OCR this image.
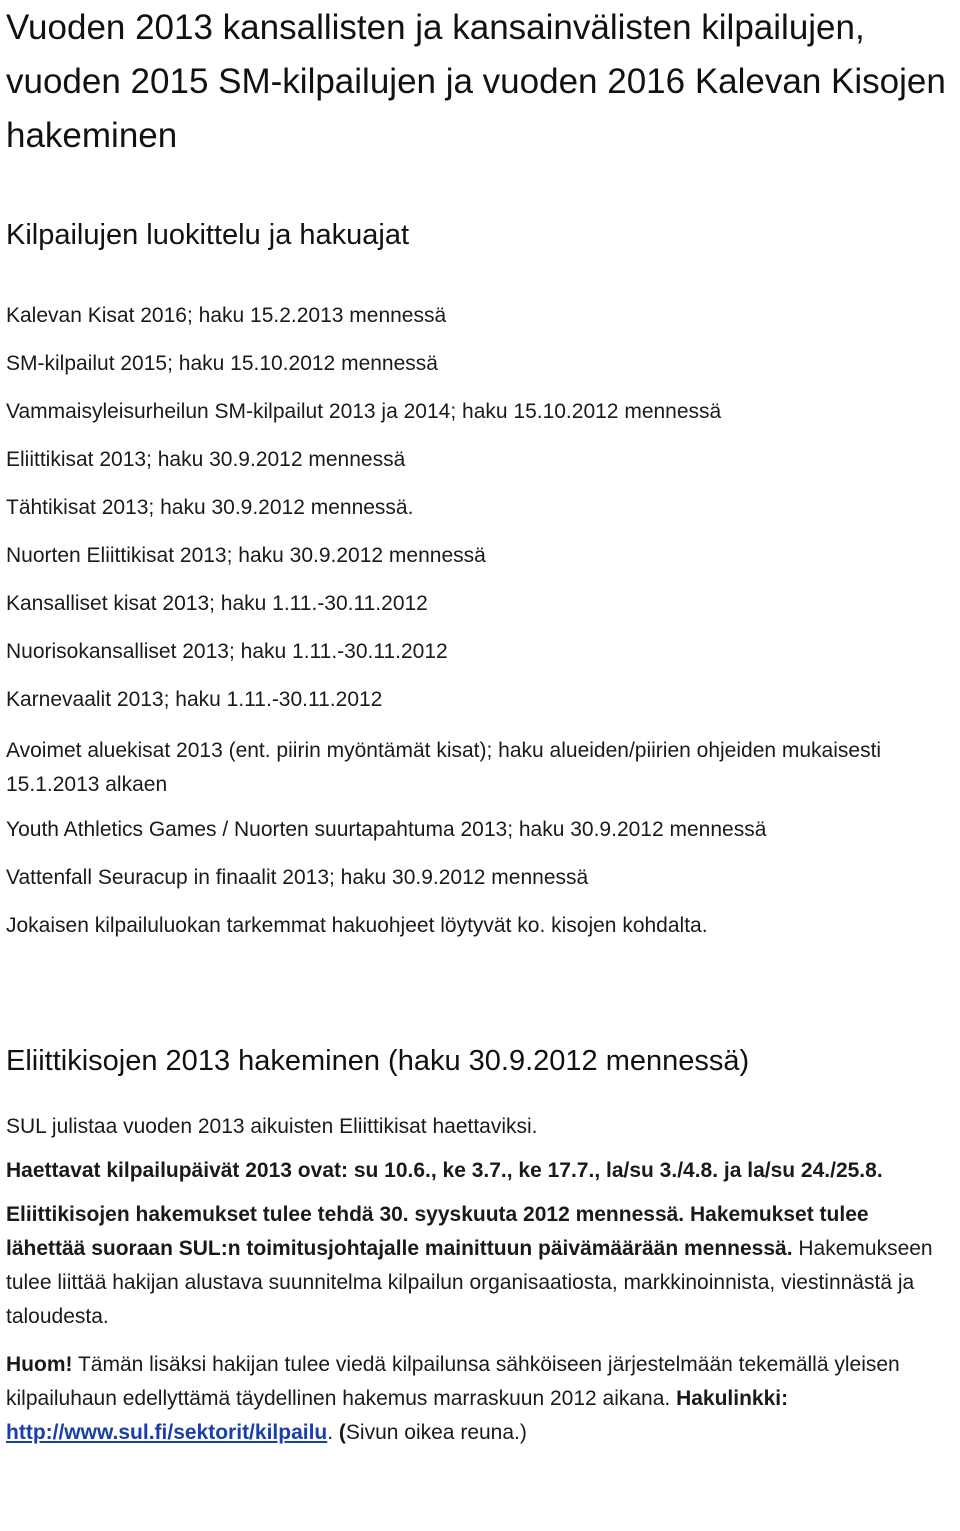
Vuoden 2013 kansallisten ja kansainvälisten kilpailujen, vuoden 2015 SM-kilpailujen ja vuoden 2016 Kalevan Kisojen hakeminen
Kilpailujen luokittelu ja hakuajat

Kalevan Kisat 2016; haku 15.2.2013 mennessä

SM-kilpailut 2015; haku 15.10.2012 mennessä

Vammaisyleisurheilun SM-kilpailut 2013 ja 2014; haku 15.10.2012 mennessä

Eliittikisat 2013; haku 30.9.2012 mennessä

Tähtikisat 2013; haku 30.9.2012 mennessä.

Nuorten Eliittikisat 2013; haku 30.9.2012 mennessä

Kansalliset kisat 2013; haku 1.11.-30.11.2012

Nuorisokansalliset 2013; haku 1.11.-30.11.2012

Karnevaalit 2013; haku 1.11.-30.11.2012

Avoimet aluekisat 2013 (ent. piirin myöntämät kisat); haku alueiden/piirien ohjeiden mukaisesti 15.1.2013 alkaen

Youth Athletics Games / Nuorten suurtapahtuma 2013; haku 30.9.2012 mennessä

Vattenfall Seuracup in finaalit 2013; haku 30.9.2012 mennessä

Jokaisen kilpailuluokan tarkemmat hakuohjeet löytyvät ko. kisojen kohdalta.

Eliittikisojen 2013 hakeminen (haku 30.9.2012 mennessä)

SUL julistaa vuoden 2013 aikuisten Eliittikisat haettaviksi.

Haettavat kilpailupäivät 2013 ovat: su 10.6., ke 3.7., ke 17.7., la/su 3./4.8. ja la/su 24./25.8.

Eliittikisojen hakemukset tulee tehdä 30. syyskuuta 2012 mennessä. Hakemukset tulee lähettää suoraan SUL:n toimitusjohtajalle mainittuun päivämäärään mennessä. Hakemukseen tulee liittää hakijan alustava suunnitelma kilpailun organisaatiosta, markkinoinnista, viestinnästä ja taloudesta.

Huom! Tämän lisäksi hakijan tulee viedä kilpailunsa sähköiseen järjestelmään tekemällä yleisen kilpailuhaun edellyttämä täydellinen hakemus marraskuun 2012 aikana. Hakulinkki: http://www.sul.fi/sektorit/kilpailu. (Sivun oikea reuna.)
